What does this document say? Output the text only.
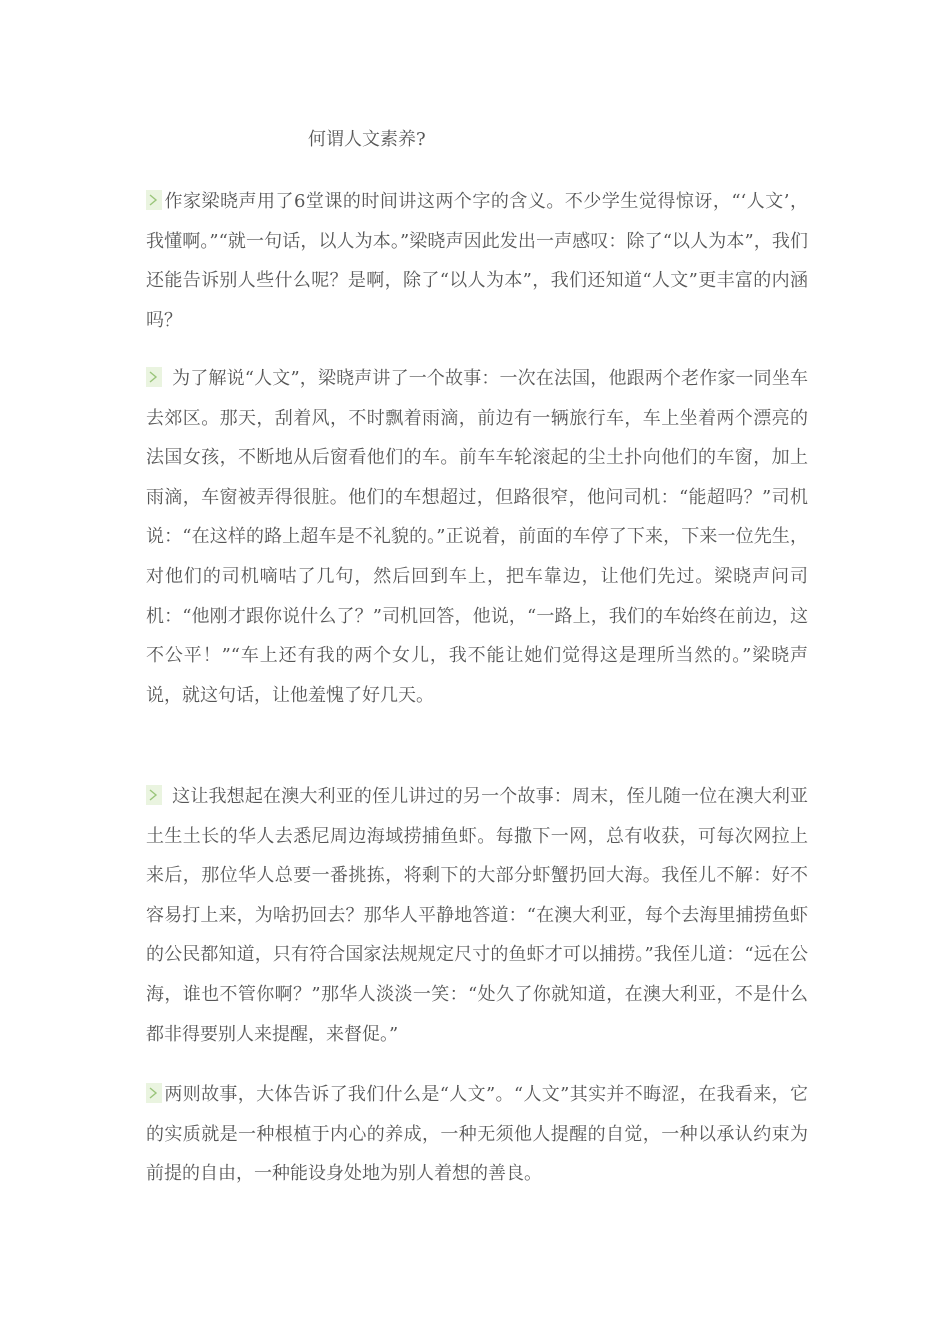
何谓人文素养?
作家梁晓声用了6堂课的时间讲这两个字的含义。不少学生觉得惊讶，“‘人文’，我懂啊。”“就一句话，以人为本。”梁晓声因此发出一声感叹：除了“以人为本”，我们还能告诉别人些什么呢？是啊，除了“以人为本”，我们还知道“人文”更丰富的内涵吗？
为了解说“人文”，梁晓声讲了一个故事：一次在法国，他跟两个老作家一同坐车去郊区。那天，刮着风，不时飘着雨滴，前边有一辆旅行车，车上坐着两个漂亮的法国女孩，不断地从后窗看他们的车。前车车轮滚起的尘土扑向他们的车窗，加上雨滴，车窗被弄得很脏。他们的车想超过，但路很窄，他问司机：“能超吗？”司机说：“在这样的路上超车是不礼貌的。”正说着，前面的车停了下来，下来一位先生，对他们的司机嘀咕了几句，然后回到车上，把车靠边，让他们先过。梁晓声问司机：“他刚才跟你说什么了？”司机回答，他说，“一路上，我们的车始终在前边，这不公平！”“车上还有我的两个女儿，我不能让她们觉得这是理所当然的。”梁晓声说，就这句话，让他羞愧了好几天。
这让我想起在澳大利亚的侄儿讲过的另一个故事：周末，侄儿随一位在澳大利亚土生土长的华人去悉尼周边海域捞捕鱼虾。每撒下一网，总有收获，可每次网拉上来后，那位华人总要一番挑拣，将剩下的大部分虾蟹扔回大海。我侄儿不解：好不容易打上来，为啥扔回去？那华人平静地答道：“在澳大利亚，每个去海里捕捞鱼虾的公民都知道，只有符合国家法规规定尺寸的鱼虾才可以捕捞。”我侄儿道：“远在公海，谁也不管你啊？”那华人淡淡一笑：“处久了你就知道，在澳大利亚，不是什么都非得要别人来提醒，来督促。”
两则故事，大体告诉了我们什么是“人文”。“人文”其实并不晦涩，在我看来，它的实质就是一种根植于内心的养成，一种无须他人提醒的自觉，一种以承认约束为前提的自由，一种能设身处地为别人着想的善良。
